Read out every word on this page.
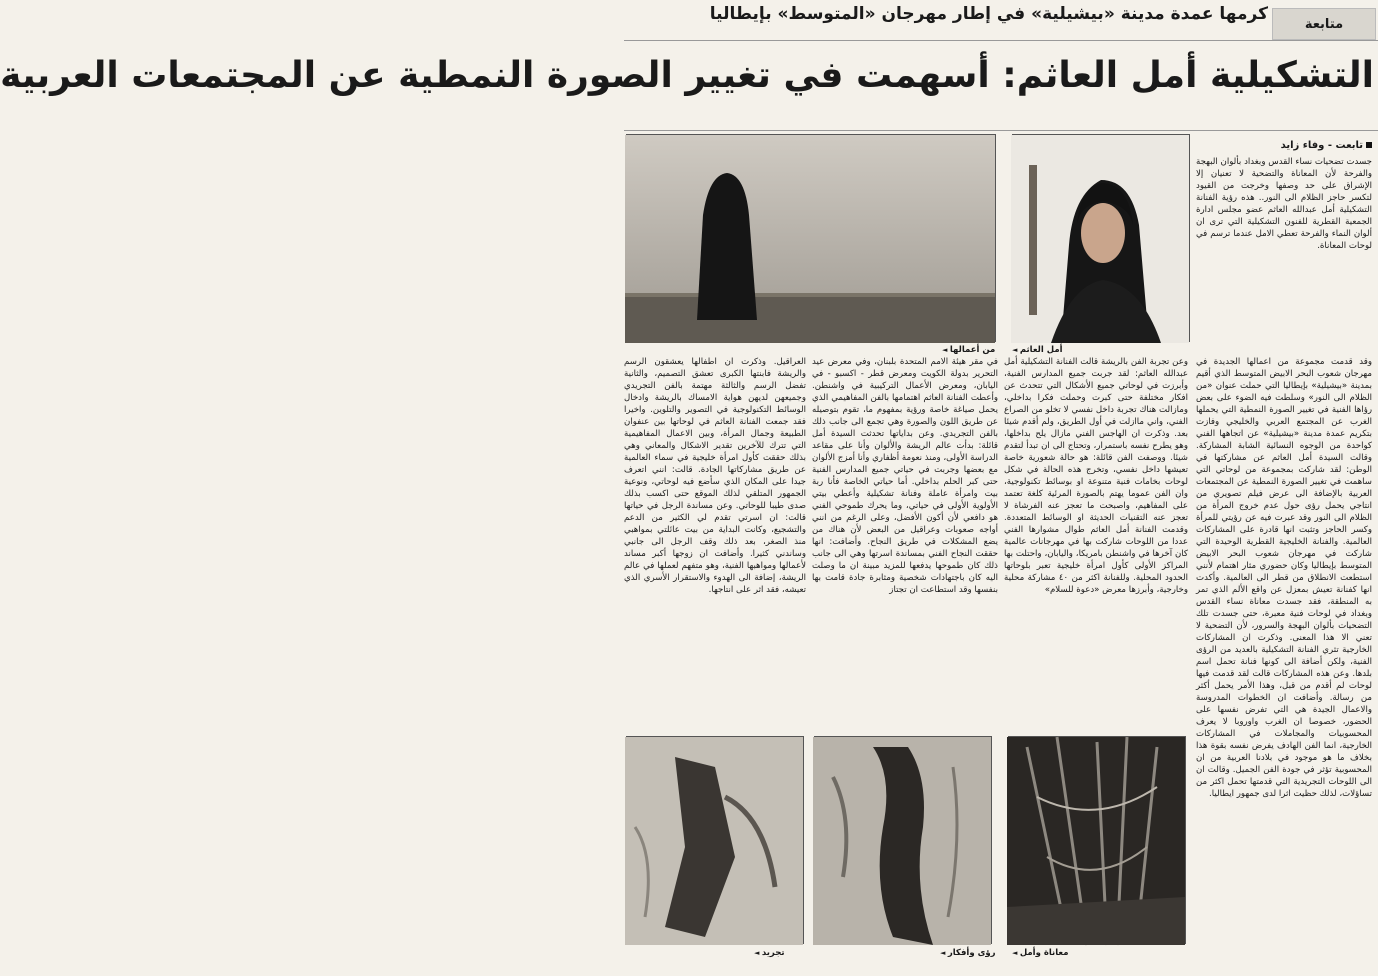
متابعة
كرمها عمدة مدينة «بيشيلية» في إطار مهرجان «المتوسط» بإيطاليا
التشكيلية أمل العاثم: أسهمت في تغيير الصورة النمطية عن المجتمعات العربية
تابعت - وفاء زايد

جسدت تضحيات نساء القدس وبغداد بألوان البهجة والفرحة لأن المعاناة والتضحية لا تعنيان إلا الإشراق على حد وصفها وخرجت من القيود لتكسر حاجز الظلام الى النور.. هذه رؤية الفنانة التشكيلية أمل عبدالله العاثم عضو مجلس ادارة الجمعية القطرية للفنون التشكيلية التي ترى ان ألوان النماء والفرحة تعطي الامل عندما ترسم في لوحات المعاناة.

وقد قدمت مجموعة من اعمالها الجديدة في مهرجان شعوب البحر الابيض المتوسط الذي أقيم بمدينة «بيشيلية» بإيطاليا التي حملت عنوان «من الظلام الى النور» وسلطت فيه الضوء على بعض رؤاها الفنية في تغيير الصورة النمطية التي يحملها الغرب عن المجتمع العربي والخليجي وفازت بتكريم عمدة مدينة «بيشيلية» عن اتجاهها الفني كواحدة من الوجوه النسائية الشابة المشاركة. وقالت السيدة أمل العاثم عن مشاركتها في الوطن: لقد شاركت بمجموعة من لوحاتي التي ساهمت في تغيير الصورة النمطية عن المجتمعات العربية بالإضافة الى عرض فيلم تصويري من انتاجي يحمل رؤى حول عدم خروج المرأة من الظلام الى النور وقد عبرت فيه عن رؤيتي للمرأة وكسر الحاجز وتثبت انها قادرة على المشاركات العالمية. والفنانة الخليجية القطرية الوحيدة التي شاركت في مهرجان شعوب البحر الابيض المتوسط بإيطاليا وكان حضوري مثار اهتمام لأنني استطعت الانطلاق من قطر الى العالمية. وأكدت انها كفنانة تعيش بمعزل عن واقع الألم الذي تمر به المنطقة، فقد جسدت معاناة نساء القدس وبغداد في لوحات فنية معبرة، حتى جسدت تلك التضحيات بألوان البهجة والسرور، لأن التضحية لا تعني الا هذا المعنى. وذكرت ان المشاركات الخارجية تثري الفنانة التشكيلية بالعديد من الرؤى الفنية، ولكن أضافة الى كونها فنانة تحمل اسم بلدها. وعن هذه المشاركات قالت لقد قدمت فيها لوحات لم أقدم من قبل، وهذا الأمر يحمل أكثر من رسالة. وأضافت ان الخطوات المدروسة والاعمال الجيدة هي التي تفرض نفسها على الحضور، خصوصا ان الغرب واوروبا لا يعرف المحسوبيات والمجاملات في المشاركات الخارجية، انما الفن الهادف يفرض نفسه بقوة هذا بخلاف ما هو موجود في بلادنا العربية من ان المحسوبية تؤثر في جودة الفن الجميل. وقالت ان الى اللوحات التجريدية التي قدمتها تحمل اكثر من تساؤلات، لذلك حظيت اثرا لدى جمهور ايطاليا.

أمل العاثم ◄
من أعمالها ◄

وعن تجربة الفن بالريشة قالت الفنانة التشكيلية أمل عبدالله العاثم: لقد جربت جميع المدارس الفنية، وأبرزت في لوحاتي جميع الأشكال التي تتحدث عن افكار مختلفة حتى كبرت وحملت فكرا بداخلي، ومازالت هناك تجربة داخل نفسي لا تخلو من الصراع الفني، واني ماازلت في أول الطريق، ولم أقدم شيئا بعد. وذكرت ان الهاجس الفني مازال يلح بداخلها، وهو يطرح نفسه باستمرار، وتحتاج الى ان تبدأ لتقدم شيئا. ووصفت الفن قائلة: هو حالة شعورية خاصة تعيشها داخل نفسي، وتخرج هذه الحالة في شكل لوحات بخامات فنية متنوعة او بوسائط تكنولوجية، وان الفن عموما يهتم بالصورة المرئية كلغة تعتمد على المفاهيم، واصبحت ما تعجز عنه الفرشاة لا تعجز عنه التقنيات الحديثة او الوسائط المتعددة. وقدمت الفنانة أمل العاثم طوال مشوارها الفني عددا من اللوحات شاركت بها في مهرجانات عالمية كان آخرها في واشنطن بامريكا، واليابان، واحتلت بها المراكز الأولى كأول امرأة خليجية تعبر بلوحاتها الحدود المحلية. وللفنانة اكثر من ٤٠ مشاركة محلية وخارجية، وأبرزها معرض «دعوة للسلام»

في مقر هيئة الامم المتحدة بلبنان، وفي معرض عيد التحرير بدولة الكويت ومعرض قطر - اكسبو - في اليابان، ومعرض الأعمال التركيبية في واشنطن. وأعطت الفنانة العاثم اهتمامها بالفن المفاهيمي الذي يحمل صياغة خاصة ورؤية بمفهوم ما، تقوم بتوصيله عن طريق اللون والصورة وهي تجمع الى جانب ذلك بالفن التجريدي. وعن بداياتها تحدثت السيدة أمل قائلة: بدأت عالم الريشة والألوان وأنا على مقاعد الدراسة الأولى، ومنذ نعومة أظفاري وأنا أمزج الألوان مع بعضها وجربت في حياتي جميع المدارس الفنية حتى كبر الحلم بداخلي. أما حياتي الخاصة فأنا ربة بيت وامرأة عاملة وفنانة تشكيلية وأعطي بيتي الأولوية الأولى في حياتي، وما يحرك طموحي الفني هو دافعي لأن أكون الأفضل، وعلى الرغم من انني أواجه صعوبات وعراقيل من البعض لأن هناك من يضع المشكلات في طريق النجاح. وأضافت: انها حققت النجاح الفني بمساندة اسرتها وهي الى جانب ذلك كان طموحها يدفعها للمزيد مبينة ان ما وصلت اليه كان باجتهادات شخصية ومثابرة جادة قامت بها بنفسها وقد استطاعت ان تجتاز

العراقيل. وذكرت ان اطفالها يعشقون الرسم والريشة فابنتها الكبرى تعشق التصميم، والثانية تفضل الرسم والثالثة مهتمة بالفن التجريدي وجميعهن لديهن هواية الامساك بالريشة وادخال الوسائط التكنولوجية في التصوير والتلوين. واخيرا فقد جمعت الفنانة العاثم في لوحاتها بين عنفوان الطبيعة وجمال المرأة، وبين الاعمال المفاهيمية التي تترك للآخرين تقدير الاشكال والمعاني وهي بذلك حققت كأول امرأة خليجية في سماء العالمية عن طريق مشاركاتها الجادة. قالت: انني اتعرف جيدا على المكان الذي سأضع فيه لوحاتي، ونوعية الجمهور المتلقي لذلك الموقع حتى اكسب بذلك صدى طيبا للوحاتي. وعن مساندة الرجل في حياتها قالت: ان اسرتي تقدم لي الكثير من الدعم والتشجيع، وكانت البداية من بيت عائلتي بمواهبي منذ الصغر، بعد ذلك وقف الرجل الى جانبي وساندني كثيرا. وأضافت ان زوجها أكبر مساند لأعمالها ومواهبها الفنية، وهو متفهم لعملها في عالم الريشة، إضافة الى الهدوء والاستقرار الأسري الذي تعيشه، فقد اثر على انتاجها.

معاناة وأمل ◄
رؤى وأفكار ◄
تجريد ◄
